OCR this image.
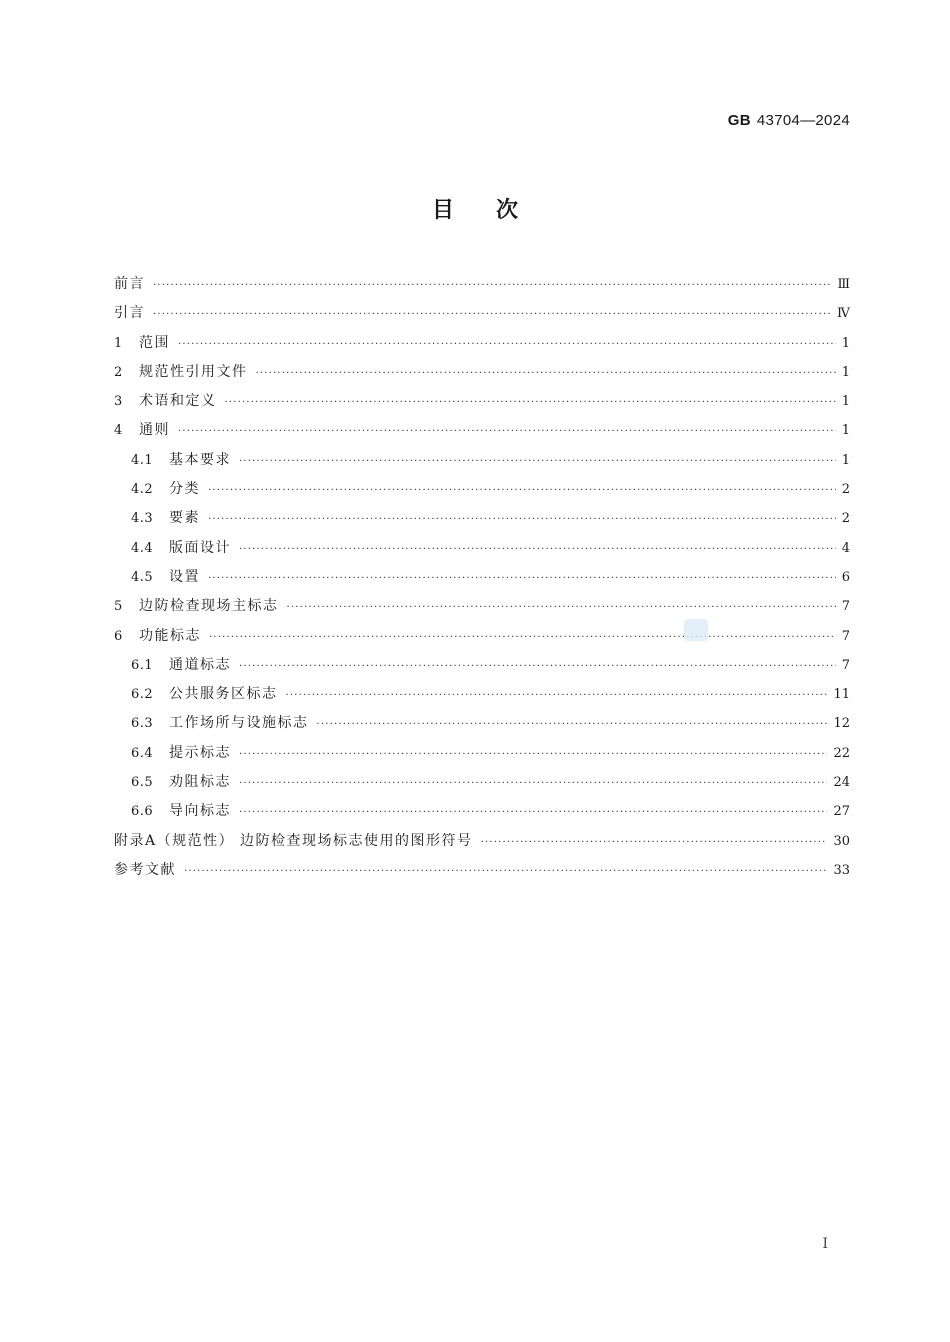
GB 43704—2024
目次
前言 ·····	Ⅲ
引言 ·····	Ⅳ
1	范围 ·····	1
2	规范性引用文件 ·····	1
3	术语和定义 ·····	1
4	通则 ·····	1
4.1	基本要求 ·····	1
4.2	分类 ·····	2
4.3	要素 ·····	2
4.4	版面设计 ·····	4
4.5	设置 ·····	6
5	边防检查现场主标志 ·····	7
6	功能标志 ·····	7
6.1	通道标志 ·····	7
6.2	公共服务区标志 ·····	11
6.3	工作场所与设施标志 ·····	12
6.4	提示标志 ·····	22
6.5	劝阻标志 ·····	24
6.6	导向标志 ·····	27
附录A（规范性） 边防检查现场标志使用的图形符号 ·····	30
参考文献 ·····	33
Ⅰ
